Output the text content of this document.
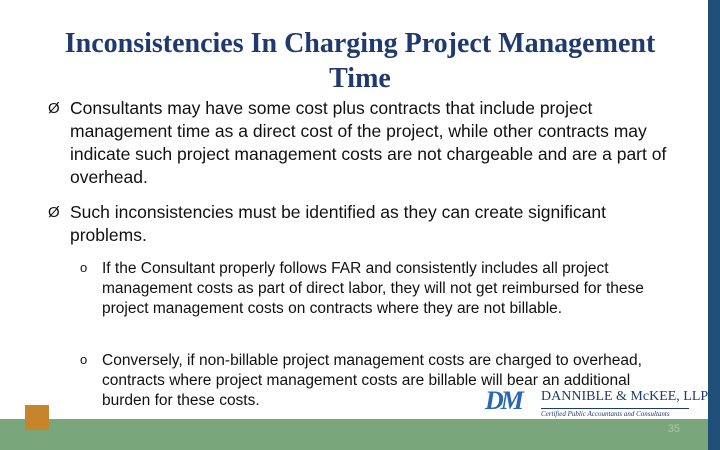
Inconsistencies In Charging Project Management Time
Ø Consultants may have some cost plus contracts that include project management time as a direct cost of the project, while other contracts may indicate such project management costs are not chargeable and are a part of overhead.
Ø Such inconsistencies must be identified as they can create significant problems.
o If the Consultant properly follows FAR and consistently includes all project management costs as part of direct labor, they will not get reimbursed for these project management costs on contracts where they are not billable.
o Conversely, if non-billable project management costs are charged to overhead, contracts where project management costs are billable will bear an additional burden for these costs.	DM DANNIBLE & McKEE, LLP
Certified Public Accountants and Consultants
35
